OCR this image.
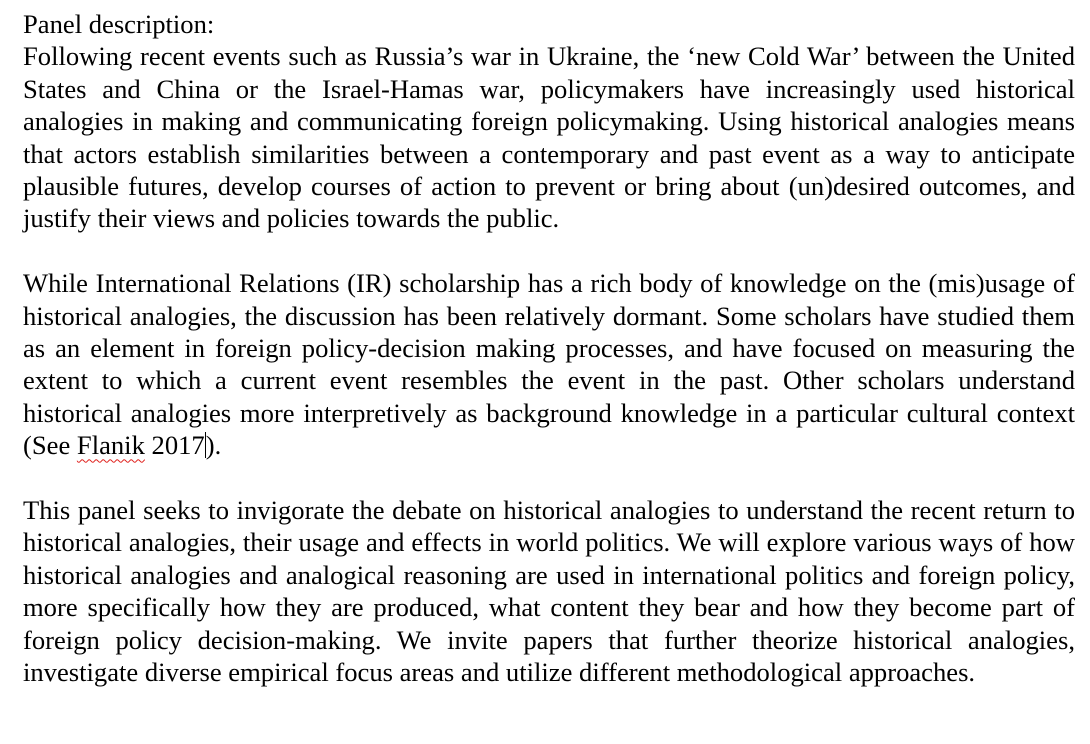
Panel description:

Following recent events such as Russia’s war in Ukraine, the ‘new Cold War’ between the United States and China or the Israel-Hamas war, policymakers have increasingly used historical analogies in making and communicating foreign policymaking. Using historical analogies means that actors establish similarities between a contemporary and past event as a way to anticipate plausible futures, develop courses of action to prevent or bring about (un)desired outcomes, and justify their views and policies towards the public.

While International Relations (IR) scholarship has a rich body of knowledge on the (mis)usage of historical analogies, the discussion has been relatively dormant. Some scholars have studied them as an element in foreign policy-decision making processes, and have focused on measuring the extent to which a current event resembles the event in the past. Other scholars understand historical analogies more interpretively as background knowledge in a particular cultural context (See Flanik 2017).

This panel seeks to invigorate the debate on historical analogies to understand the recent return to historical analogies, their usage and effects in world politics. We will explore various ways of how historical analogies and analogical reasoning are used in international politics and foreign policy, more specifically how they are produced, what content they bear and how they become part of foreign policy decision-making. We invite papers that further theorize historical analogies, investigate diverse empirical focus areas and utilize different methodological approaches.
